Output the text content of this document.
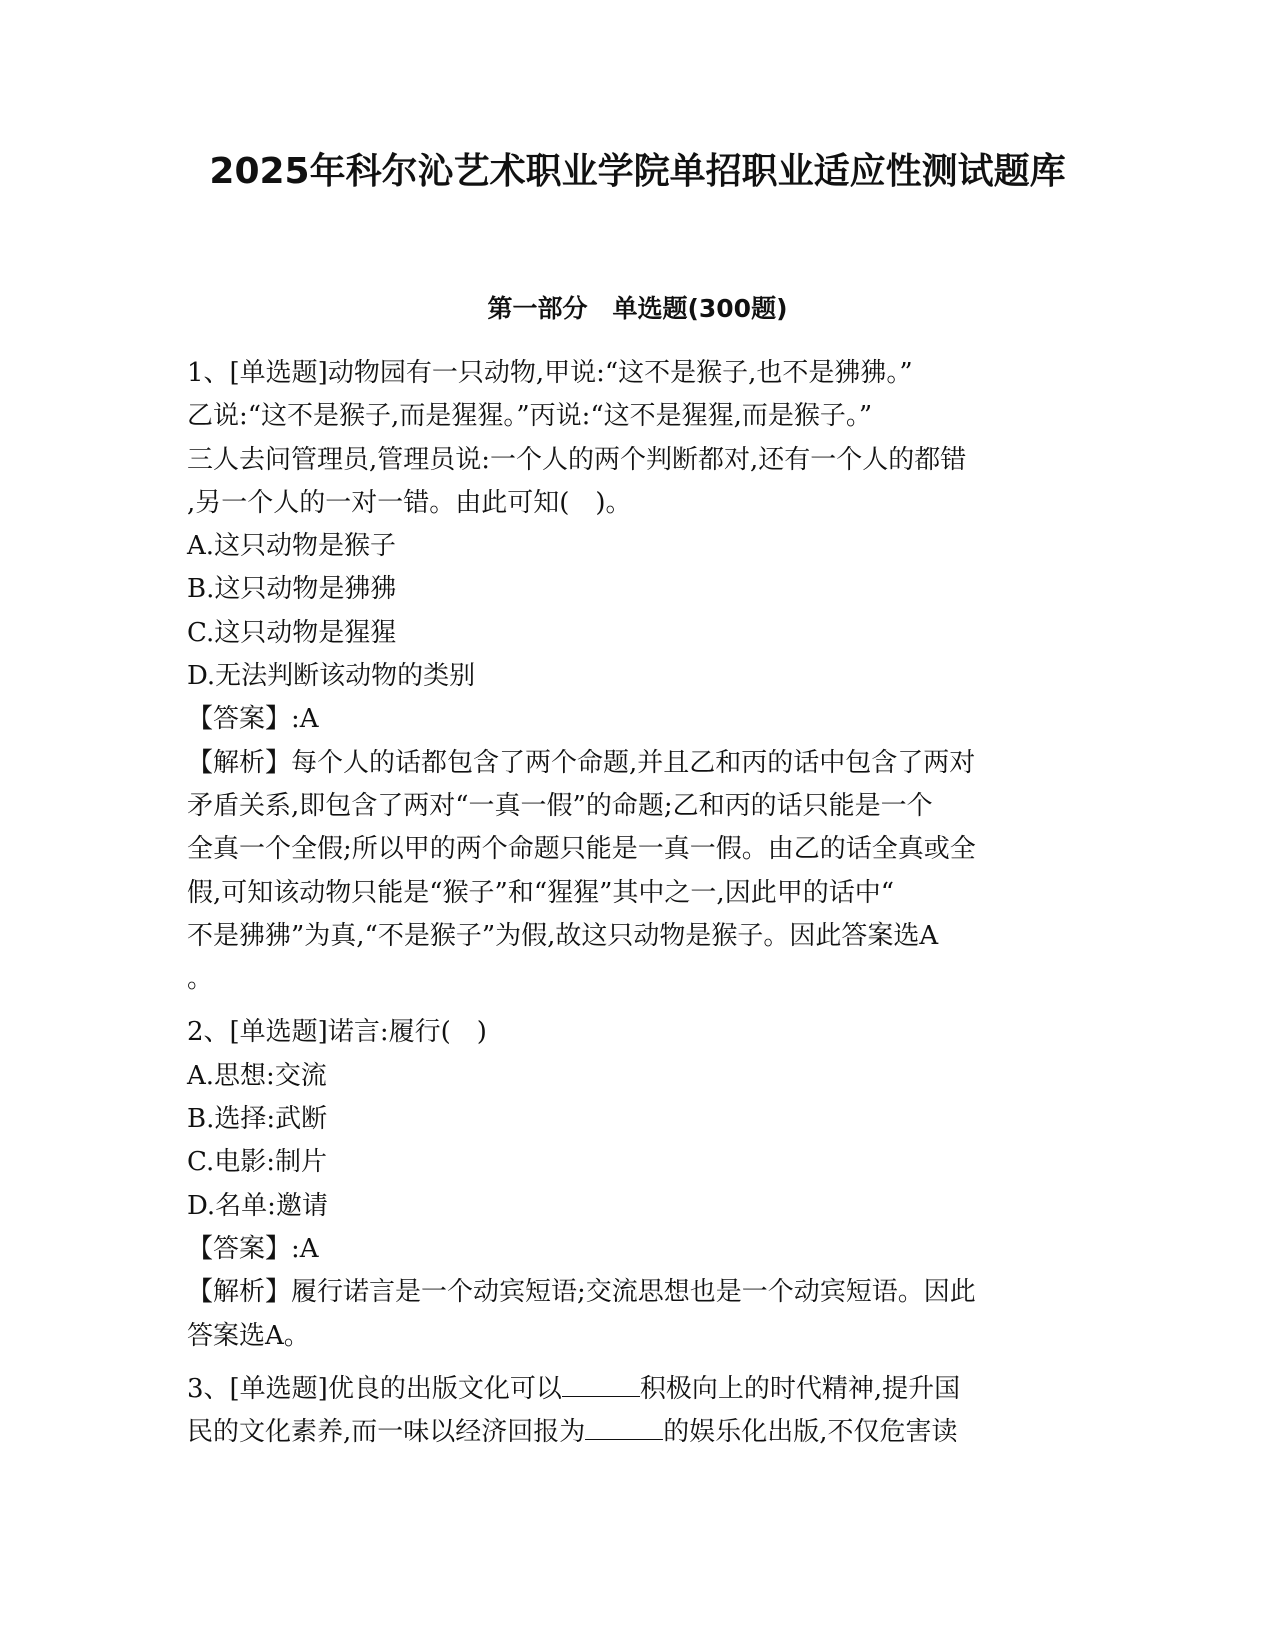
2025年科尔沁艺术职业学院单招职业适应性测试题库
第一部分　单选题(300题)
1、[单选题]动物园有一只动物,甲说:“这不是猴子,也不是狒狒。”
乙说:“这不是猴子,而是猩猩。”丙说:“这不是猩猩,而是猴子。”
三人去问管理员,管理员说:一个人的两个判断都对,还有一个人的都错
,另一个人的一对一错。由此可知(　)。
A.这只动物是猴子
B.这只动物是狒狒
C.这只动物是猩猩
D.无法判断该动物的类别
【答案】:A
【解析】每个人的话都包含了两个命题,并且乙和丙的话中包含了两对
矛盾关系,即包含了两对“一真一假”的命题;乙和丙的话只能是一个
全真一个全假;所以甲的两个命题只能是一真一假。由乙的话全真或全
假,可知该动物只能是“猴子”和“猩猩”其中之一,因此甲的话中“
不是狒狒”为真,“不是猴子”为假,故这只动物是猴子。因此答案选A
。
2、[单选题]诺言:履行(　)
A.思想:交流
B.选择:武断
C.电影:制片
D.名单:邀请
【答案】:A
【解析】履行诺言是一个动宾短语;交流思想也是一个动宾短语。因此
答案选A。
3、[单选题]优良的出版文化可以	积极向上的时代精神,提升国
民的文化素养,而一味以经济回报为	的娱乐化出版,不仅危害读
